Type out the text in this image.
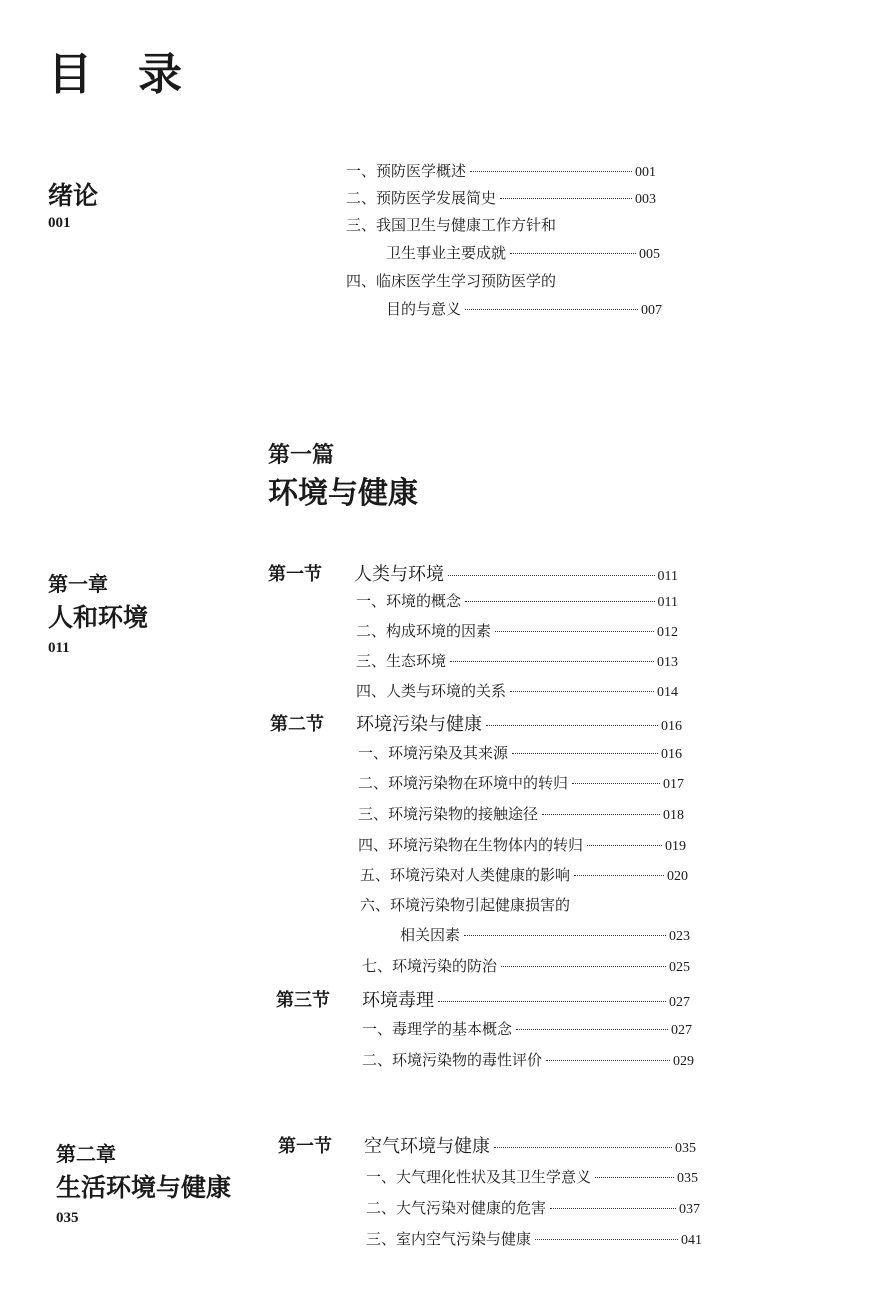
目录
绪论
001
一、预防医学概述	001
二、预防医学发展简史	003
三、我国卫生与健康工作方针和
卫生事业主要成就	005
四、临床医学生学习预防医学的
目的与意义	007
第一篇
环境与健康
第一章
人和环境
011
第一节	人类与环境	011
一、环境的概念	011
二、构成环境的因素	012
三、生态环境	013
四、人类与环境的关系	014
第二节	环境污染与健康	016
一、环境污染及其来源	016
二、环境污染物在环境中的转归	017
三、环境污染物的接触途径	018
四、环境污染物在生物体内的转归	019
五、环境污染对人类健康的影响	020
六、环境污染物引起健康损害的
相关因素	023
七、环境污染的防治	025
第三节	环境毒理	027
一、毒理学的基本概念	027
二、环境污染物的毒性评价	029
第二章
生活环境与健康
035
第一节	空气环境与健康	035
一、大气理化性状及其卫生学意义	035
二、大气污染对健康的危害	037
三、室内空气污染与健康	041
